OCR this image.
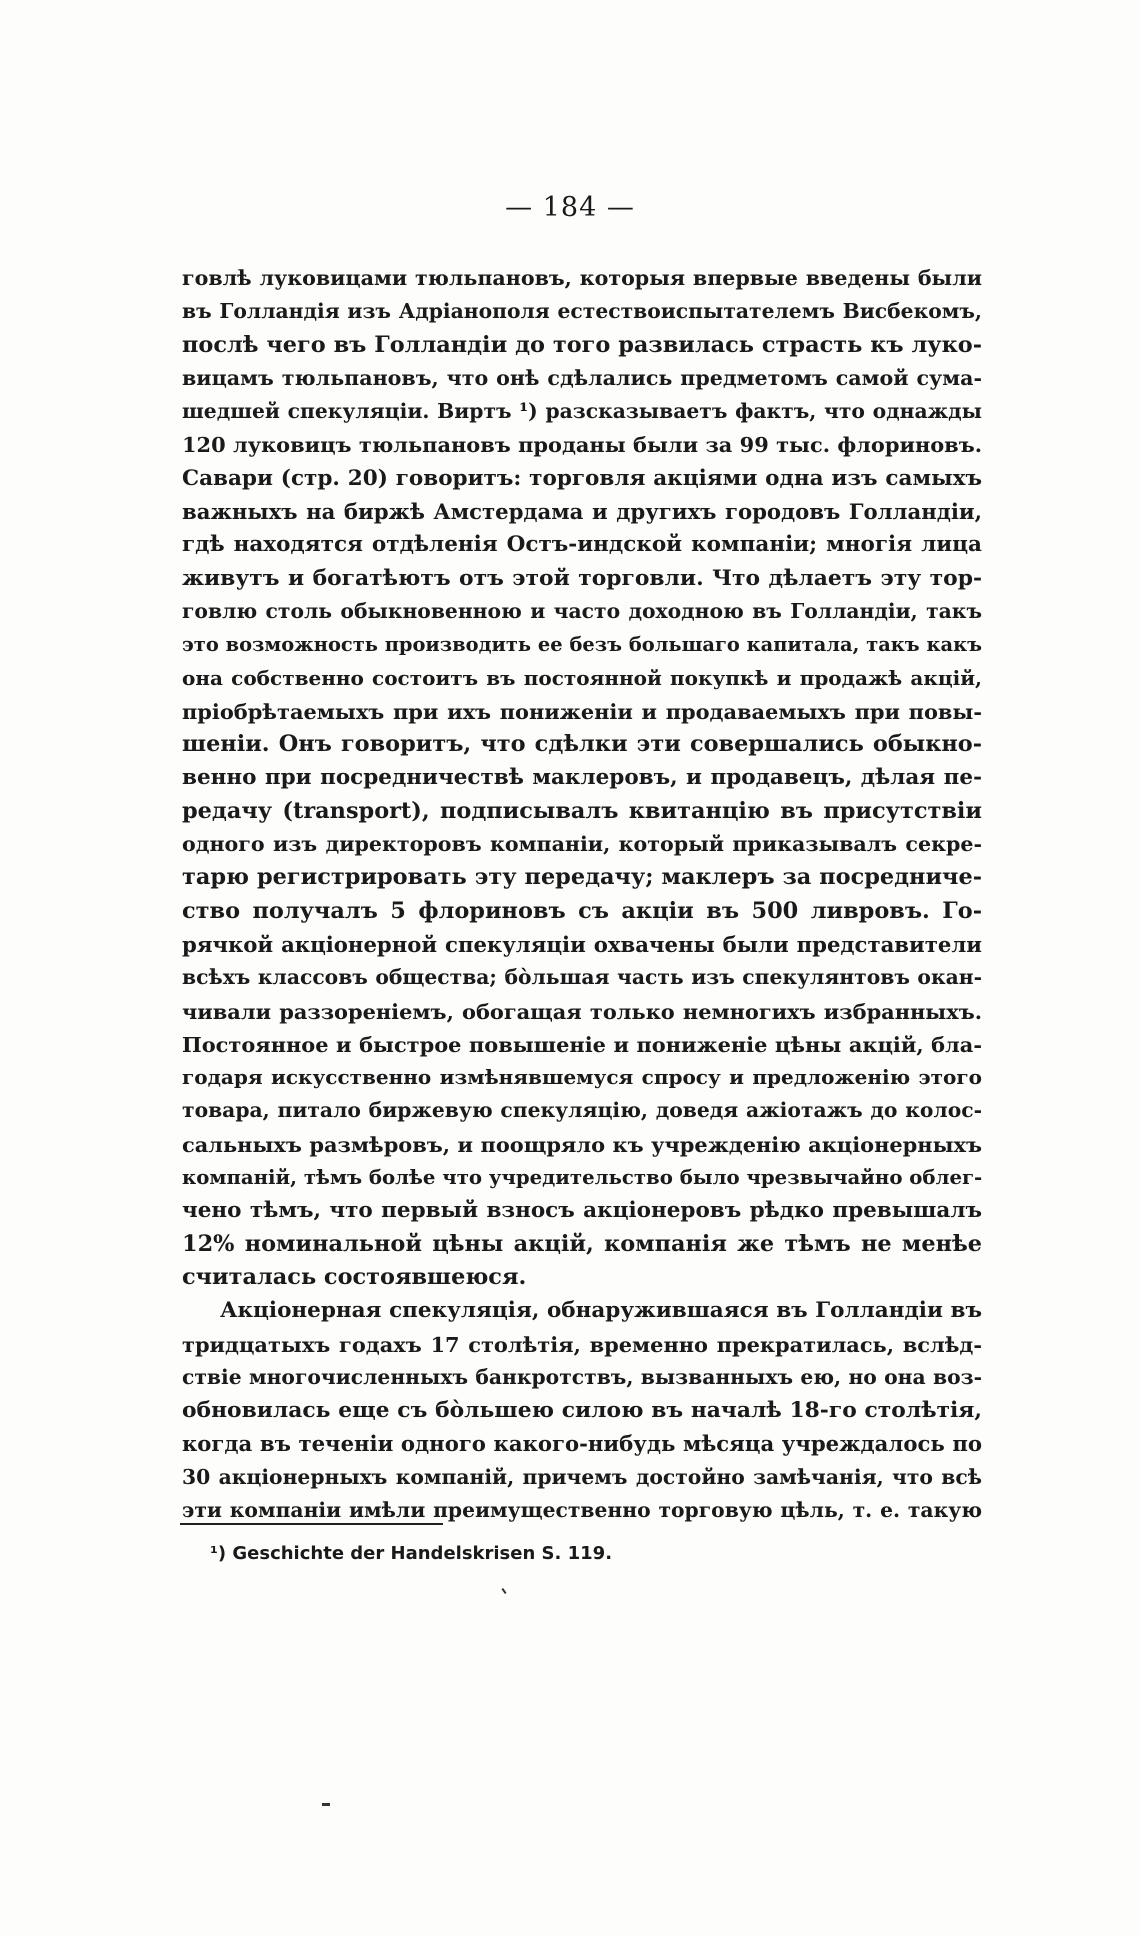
— 184 —
говлѣ луковицами тюльпановъ, которыя впервые введены были
въ Голландія изъ Адріанополя естествоиспытателемъ Висбекомъ,
послѣ чего въ Голландіи до того развилась страсть къ луко-
вицамъ тюльпановъ, что онѣ сдѣлались предметомъ самой сума-
шедшей спекуляціи. Виртъ ¹) разсказываетъ фактъ, что однажды
120 луковицъ тюльпановъ проданы были за 99 тыс. флориновъ.
Савари (стр. 20) говоритъ: торговля акціями одна изъ самыхъ
важныхъ на биржѣ Амстердама и другихъ городовъ Голландіи,
гдѣ находятся отдѣленія Остъ-индской компаніи; многія лица
живутъ и богатѣютъ отъ этой торговли. Что дѣлаетъ эту тор-
говлю столь обыкновенною и часто доходною въ Голландіи, такъ
это возможность производить ее безъ большаго капитала, такъ какъ
она собственно состоитъ въ постоянной покупкѣ и продажѣ акцій,
пріобрѣтаемыхъ при ихъ пониженіи и продаваемыхъ при повы-
шеніи. Онъ говоритъ, что сдѣлки эти совершались обыкно-
венно при посредничествѣ маклеровъ, и продавецъ, дѣлая пе-
редачу (transport), подписывалъ квитанцію въ присутствіи
одного изъ директоровъ компаніи, который приказывалъ секре-
тарю регистрировать эту передачу; маклеръ за посредниче-
ство получалъ 5 флориновъ съ акціи въ 500 ливровъ. Го-
рячкой акціонерной спекуляціи охвачены были представители
всѣхъ классовъ общества; бо̀льшая часть изъ спекулянтовъ окан-
чивали раззореніемъ, обогащая только немногихъ избранныхъ.
Постоянное и быстрое повышеніе и пониженіе цѣны акцій, бла-
годаря искусственно измѣнявшемуся спросу и предложенію этого
товара, питало биржевую спекуляцію, доведя ажіотажъ до колос-
сальныхъ размѣровъ, и поощряло къ учрежденію акціонерныхъ
компаній, тѣмъ болѣе что учредительство было чрезвычайно облег-
чено тѣмъ, что первый взносъ акціонеровъ рѣдко превышалъ
12% номинальной цѣны акцій, компанія же тѣмъ не менѣе
считалась состоявшеюся.
Акціонерная спекуляція, обнаружившаяся въ Голландіи въ
тридцатыхъ годахъ 17 столѣтія, временно прекратилась, вслѣд-
ствіе многочисленныхъ банкротствъ, вызванныхъ ею, но она воз-
обновилась еще съ бо̀льшею силою въ началѣ 18-го столѣтія,
когда въ теченіи одного какого-нибудь мѣсяца учреждалось по
30 акціонерныхъ компаній, причемъ достойно замѣчанія, что всѣ
эти компаніи имѣли преимущественно торговую цѣль, т. е. такую
¹) Geschichte der Handelskrisen S. 119.
